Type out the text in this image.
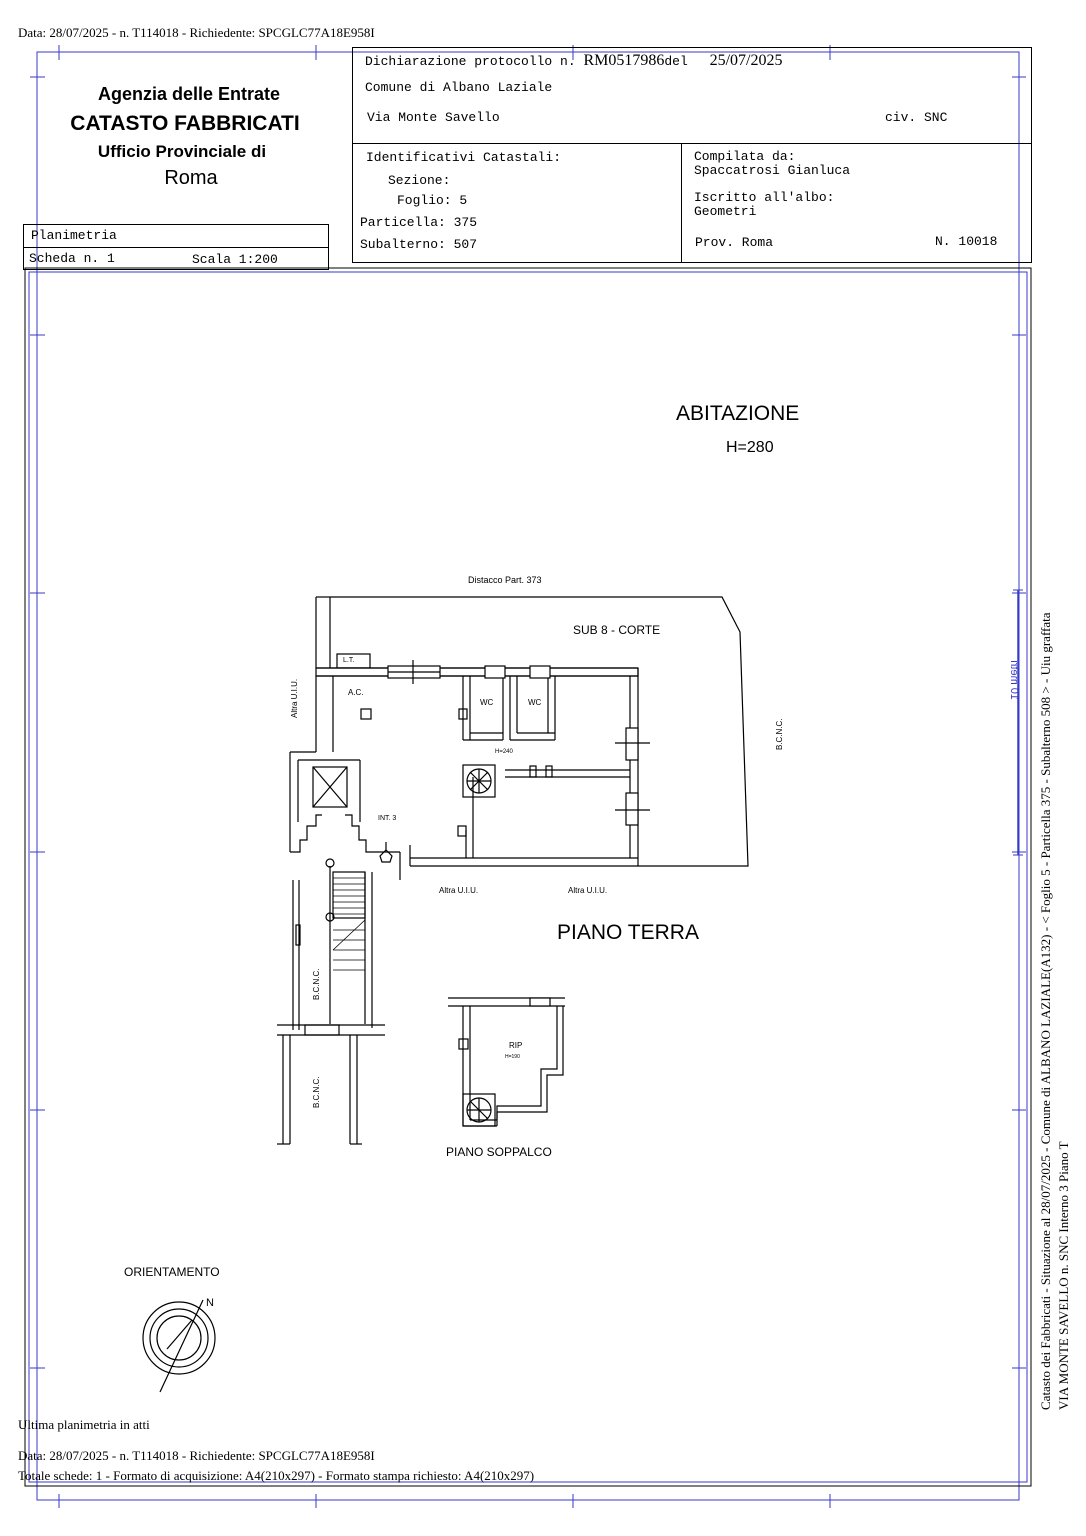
Data: 28/07/2025 - n. T114018 - Richiedente: SPCGLC77A18E958I
Agenzia delle Entrate
CATASTO FABBRICATI
Ufficio Provinciale di
Roma
Planimetria
Scheda n. 1	Scala 1:200
Dichiarazione protocollo n. RM0517986del 25/07/2025
Comune di Albano Laziale
Via Monte Savello	civ. SNC
Identificativi Catastali:
Sezione:
Foglio: 5
Particella: 375
Subalterno: 507
Compilata da:
Spaccatrosi Gianluca
Iscritto all'albo:
Geometri
Prov. Roma	N. 10018
ABITAZIONE
H=280
Distacco Part. 373
SUB 8 - CORTE
L.T.
Altra U.I.U.	A.C.
WC	WC
H=240
B.C.N.C.
INT. 3
Altra U.I.U.	Altra U.I.U.
PIANO TERRA
B.C.N.C.
B.C.N.C.
RIP
H=190
PIANO SOPPALCO
ORIENTAMENTO
N
10 metri
Ultima planimetria in atti
Data: 28/07/2025 - n. T114018 - Richiedente: SPCGLC77A18E958I
Totale schede: 1 - Formato di acquisizione: A4(210x297) - Formato stampa richiesto: A4(210x297)
Catasto dei Fabbricati - Situazione al 28/07/2025 - Comune di ALBANO LAZIALE(A132) - < Foglio 5 - Particella 375 - Subalterno 508 > - Uiu graffata VIA MONTE SAVELLO n. SNC Interno 3 Piano T
